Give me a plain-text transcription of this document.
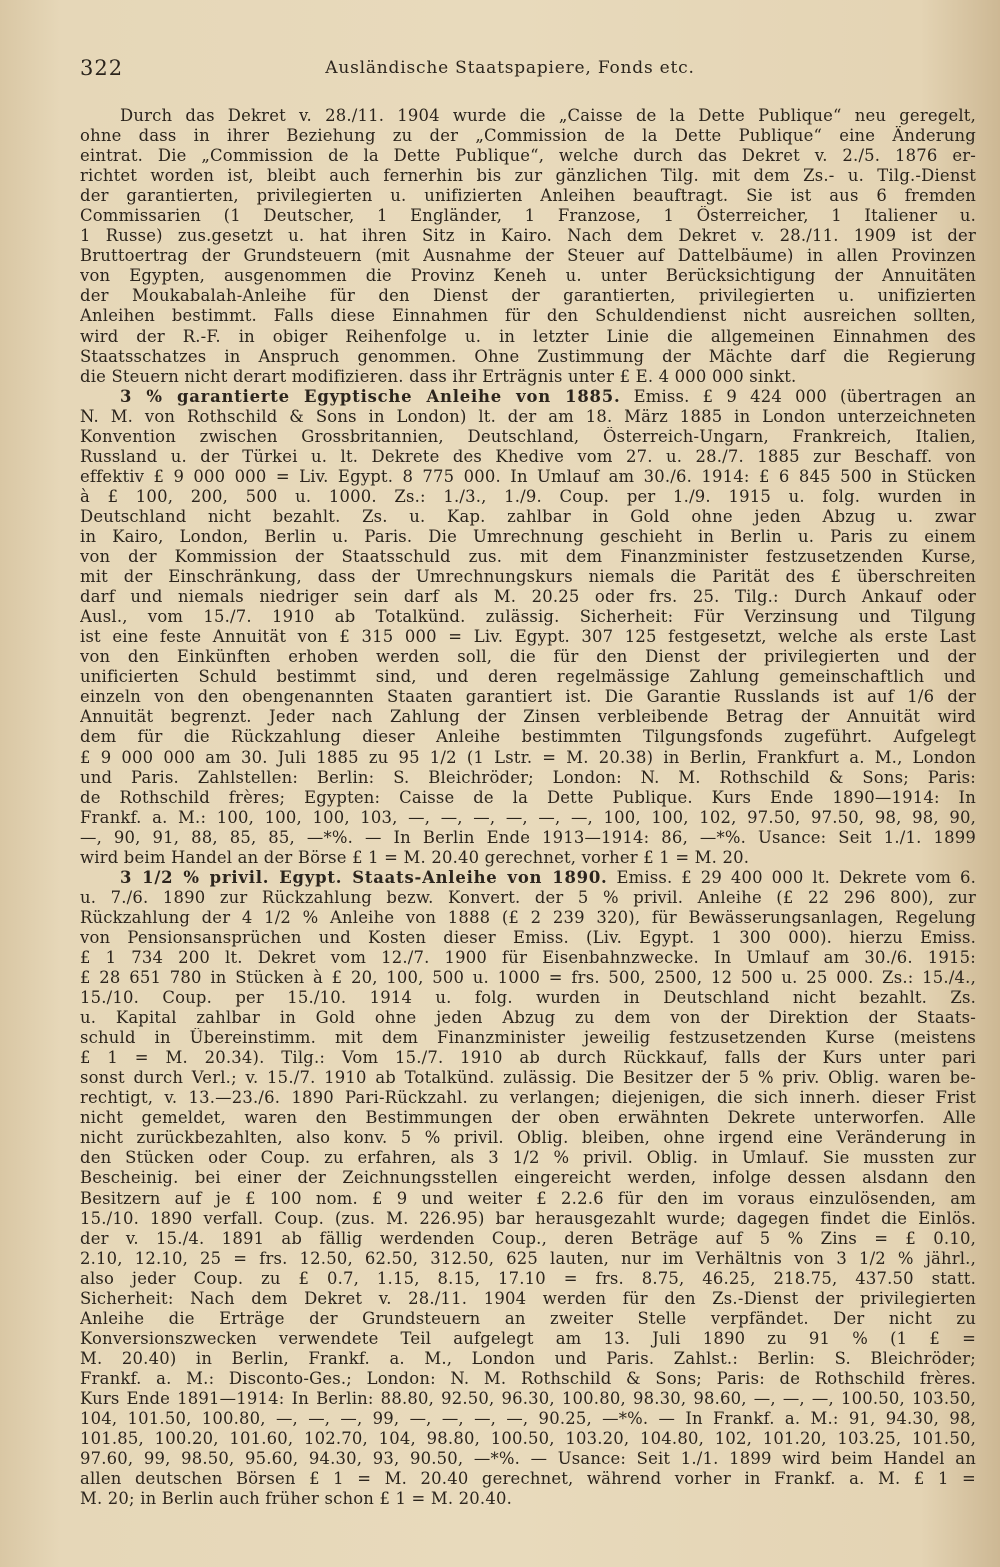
322	Ausländische Staatspapiere, Fonds etc.
Durch das Dekret v. 28./11. 1904 wurde die „Caisse de la Dette Publique“ neu geregelt,
ohne dass in ihrer Beziehung zu der „Commission de la Dette Publique“ eine Änderung
eintrat. Die „Commission de la Dette Publique“, welche durch das Dekret v. 2./5. 1876 er-
richtet worden ist, bleibt auch fernerhin bis zur gänzlichen Tilg. mit dem Zs.- u. Tilg.-Dienst
der garantierten, privilegierten u. unifizierten Anleihen beauftragt. Sie ist aus 6 fremden
Commissarien (1 Deutscher, 1 Engländer, 1 Franzose, 1 Österreicher, 1 Italiener u.
1 Russe) zus.gesetzt u. hat ihren Sitz in Kairo. Nach dem Dekret v. 28./11. 1909 ist der
Bruttoertrag der Grundsteuern (mit Ausnahme der Steuer auf Dattelbäume) in allen Provinzen
von Egypten, ausgenommen die Provinz Keneh u. unter Berücksichtigung der Annuitäten
der Moukabalah-Anleihe für den Dienst der garantierten, privilegierten u. unifizierten
Anleihen bestimmt. Falls diese Einnahmen für den Schuldendienst nicht ausreichen sollten,
wird der R.-F. in obiger Reihenfolge u. in letzter Linie die allgemeinen Einnahmen des
Staatsschatzes in Anspruch genommen. Ohne Zustimmung der Mächte darf die Regierung
die Steuern nicht derart modifizieren. dass ihr Erträgnis unter £ E. 4 000 000 sinkt.
3 % garantierte Egyptische Anleihe von 1885. Emiss. £ 9 424 000 (übertragen an
N. M. von Rothschild & Sons in London) lt. der am 18. März 1885 in London unterzeichneten
Konvention zwischen Grossbritannien, Deutschland, Österreich-Ungarn, Frankreich, Italien,
Russland u. der Türkei u. lt. Dekrete des Khedive vom 27. u. 28./7. 1885 zur Beschaff. von
effektiv £ 9 000 000 = Liv. Egypt. 8 775 000. In Umlauf am 30./6. 1914: £ 6 845 500 in Stücken
à £ 100, 200, 500 u. 1000. Zs.: 1./3., 1./9. Coup. per 1./9. 1915 u. folg. wurden in
Deutschland nicht bezahlt. Zs. u. Kap. zahlbar in Gold ohne jeden Abzug u. zwar
in Kairo, London, Berlin u. Paris. Die Umrechnung geschieht in Berlin u. Paris zu einem
von der Kommission der Staatsschuld zus. mit dem Finanzminister festzusetzenden Kurse,
mit der Einschränkung, dass der Umrechnungskurs niemals die Parität des £ überschreiten
darf und niemals niedriger sein darf als M. 20.25 oder frs. 25. Tilg.: Durch Ankauf oder
Ausl., vom 15./7. 1910 ab Totalkünd. zulässig. Sicherheit: Für Verzinsung und Tilgung
ist eine feste Annuität von £ 315 000 = Liv. Egypt. 307 125 festgesetzt, welche als erste Last
von den Einkünften erhoben werden soll, die für den Dienst der privilegierten und der
unificierten Schuld bestimmt sind, und deren regelmässige Zahlung gemeinschaftlich und
einzeln von den obengenannten Staaten garantiert ist. Die Garantie Russlands ist auf 1/6 der
Annuität begrenzt. Jeder nach Zahlung der Zinsen verbleibende Betrag der Annuität wird
dem für die Rückzahlung dieser Anleihe bestimmten Tilgungsfonds zugeführt. Aufgelegt
£ 9 000 000 am 30. Juli 1885 zu 95 1/2 (1 Lstr. = M. 20.38) in Berlin, Frankfurt a. M., London
und Paris. Zahlstellen: Berlin: S. Bleichröder; London: N. M. Rothschild & Sons; Paris:
de Rothschild frères; Egypten: Caisse de la Dette Publique. Kurs Ende 1890—1914: In
Frankf. a. M.: 100, 100, 100, 103, —, —, —, —, —, —, 100, 100, 102, 97.50, 97.50, 98, 98, 90,
—, 90, 91, 88, 85, 85, —*%. — In Berlin Ende 1913—1914: 86, —*%. Usance: Seit 1./1. 1899
wird beim Handel an der Börse £ 1 = M. 20.40 gerechnet, vorher £ 1 = M. 20.
3 1/2 % privil. Egypt. Staats-Anleihe von 1890. Emiss. £ 29 400 000 lt. Dekrete vom 6.
u. 7./6. 1890 zur Rückzahlung bezw. Konvert. der 5 % privil. Anleihe (£ 22 296 800), zur
Rückzahlung der 4 1/2 % Anleihe von 1888 (£ 2 239 320), für Bewässerungsanlagen, Regelung
von Pensionsansprüchen und Kosten dieser Emiss. (Liv. Egypt. 1 300 000). hierzu Emiss.
£ 1 734 200 lt. Dekret vom 12./7. 1900 für Eisenbahnzwecke. In Umlauf am 30./6. 1915:
£ 28 651 780 in Stücken à £ 20, 100, 500 u. 1000 = frs. 500, 2500, 12 500 u. 25 000. Zs.: 15./4.,
15./10. Coup. per 15./10. 1914 u. folg. wurden in Deutschland nicht bezahlt. Zs.
u. Kapital zahlbar in Gold ohne jeden Abzug zu dem von der Direktion der Staats-
schuld in Übereinstimm. mit dem Finanzminister jeweilig festzusetzenden Kurse (meistens
£ 1 = M. 20.34). Tilg.: Vom 15./7. 1910 ab durch Rückkauf, falls der Kurs unter pari
sonst durch Verl.; v. 15./7. 1910 ab Totalkünd. zulässig. Die Besitzer der 5 % priv. Oblig. waren be-
rechtigt, v. 13.—23./6. 1890 Pari-Rückzahl. zu verlangen; diejenigen, die sich innerh. dieser Frist
nicht gemeldet, waren den Bestimmungen der oben erwähnten Dekrete unterworfen. Alle
nicht zurückbezahlten, also konv. 5 % privil. Oblig. bleiben, ohne irgend eine Veränderung in
den Stücken oder Coup. zu erfahren, als 3 1/2 % privil. Oblig. in Umlauf. Sie mussten zur
Bescheinig. bei einer der Zeichnungsstellen eingereicht werden, infolge dessen alsdann den
Besitzern auf je £ 100 nom. £ 9 und weiter £ 2.2.6 für den im voraus einzulösenden, am
15./10. 1890 verfall. Coup. (zus. M. 226.95) bar herausgezahlt wurde; dagegen findet die Einlös.
der v. 15./4. 1891 ab fällig werdenden Coup., deren Beträge auf 5 % Zins = £ 0.10,
2.10, 12.10, 25 = frs. 12.50, 62.50, 312.50, 625 lauten, nur im Verhältnis von 3 1/2 % jährl.,
also jeder Coup. zu £ 0.7, 1.15, 8.15, 17.10 = frs. 8.75, 46.25, 218.75, 437.50 statt.
Sicherheit: Nach dem Dekret v. 28./11. 1904 werden für den Zs.-Dienst der privilegierten
Anleihe die Erträge der Grundsteuern an zweiter Stelle verpfändet. Der nicht zu
Konversionszwecken verwendete Teil aufgelegt am 13. Juli 1890 zu 91 % (1 £ =
M. 20.40) in Berlin, Frankf. a. M., London und Paris. Zahlst.: Berlin: S. Bleichröder;
Frankf. a. M.: Disconto-Ges.; London: N. M. Rothschild & Sons; Paris: de Rothschild frères.
Kurs Ende 1891—1914: In Berlin: 88.80, 92.50, 96.30, 100.80, 98.30, 98.60, —, —, —, 100.50, 103.50,
104, 101.50, 100.80, —, —, —, 99, —, —, —, —, 90.25, —*%. — In Frankf. a. M.: 91, 94.30, 98,
101.85, 100.20, 101.60, 102.70, 104, 98.80, 100.50, 103.20, 104.80, 102, 101.20, 103.25, 101.50,
97.60, 99, 98.50, 95.60, 94.30, 93, 90.50, —*%. — Usance: Seit 1./1. 1899 wird beim Handel an
allen deutschen Börsen £ 1 = M. 20.40 gerechnet, während vorher in Frankf. a. M. £ 1 =
M. 20; in Berlin auch früher schon £ 1 = M. 20.40.
